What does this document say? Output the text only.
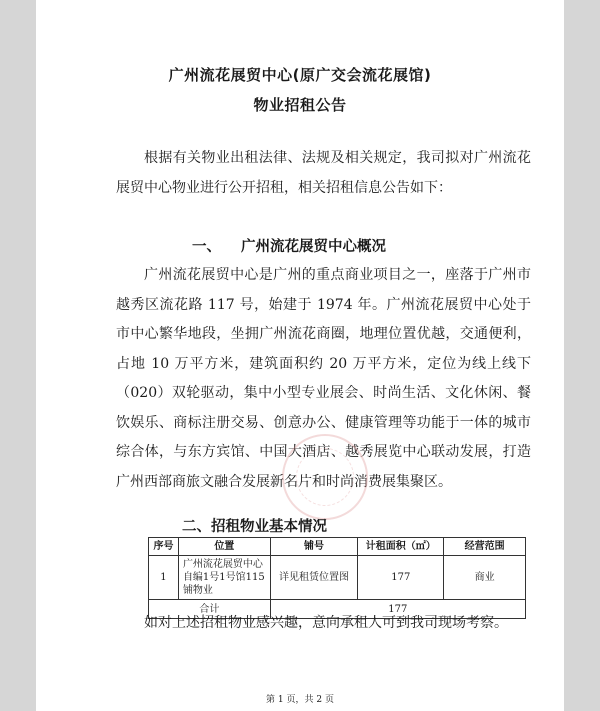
广州流花展贸中心(原广交会流花展馆)
物业招租公告

根据有关物业出租法律、法规及相关规定，我司拟对广州流花展贸中心物业进行公开招租，相关招租信息公告如下：

一、 广州流花展贸中心概况

广州流花展贸中心是广州的重点商业项目之一，座落于广州市越秀区流花路 117 号，始建于 1974 年。广州流花展贸中心处于市中心繁华地段，坐拥广州流花商圈，地理位置优越，交通便利，占地 10 万平方米，建筑面积约 20 万平方米，定位为线上线下（020）双轮驱动，集中小型专业展会、时尚生活、文化休闲、餐饮娱乐、商标注册交易、创意办公、健康管理等功能于一体的城市综合体，与东方宾馆、中国大酒店、越秀展览中心联动发展，打造广州西部商旅文融合发展新名片和时尚消费展集聚区。

二、招租物业基本情况
序号	位置	铺号	计租面积（㎡）	经营范围
1	广州流花展贸中心自编1号1号馆115铺物业	详见租赁位置图	177	商业
合计		177		

如对上述招租物业感兴趣，意向承租人可到我司现场考察。

第 1 页，共 2 页
